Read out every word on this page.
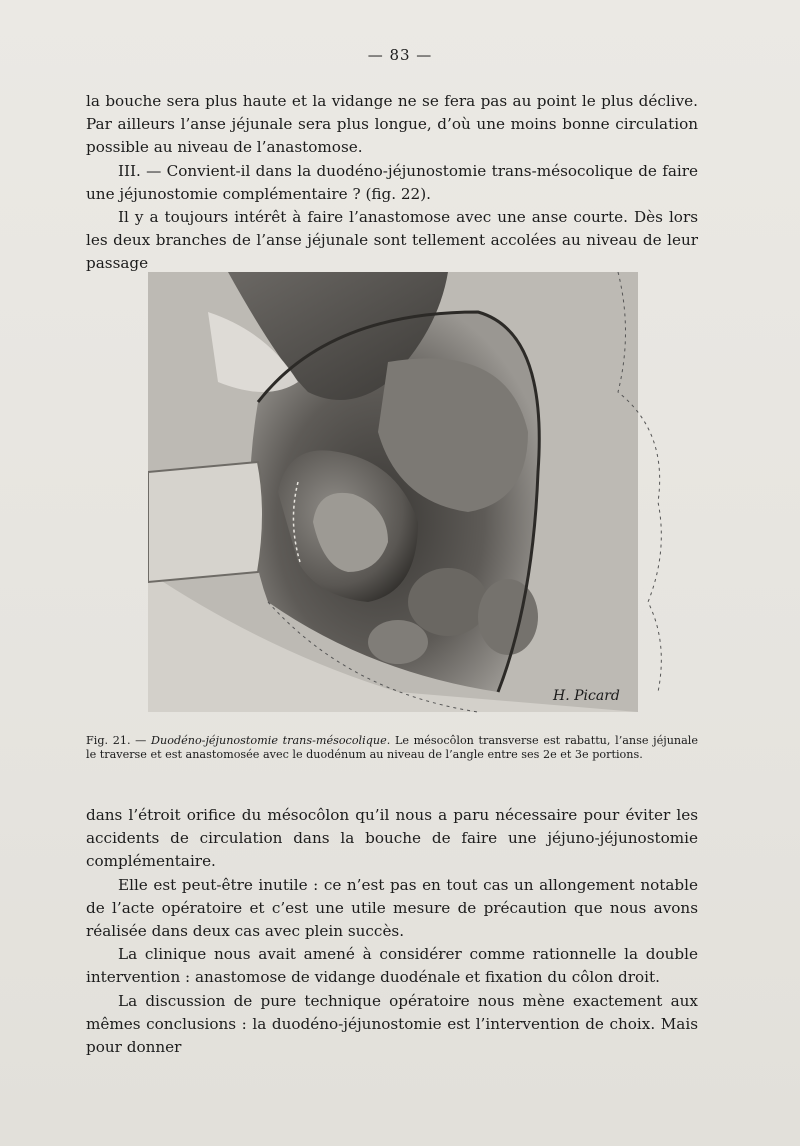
— 83 —

la bouche sera plus haute et la vidange ne se fera pas au point le plus déclive. Par ailleurs l’anse jéjunale sera plus longue, d’où une moins bonne circulation possible au niveau de l’anastomose.

III. — Convient-il dans la duodéno-jéjunostomie trans-mésocolique de faire une jéjunostomie complémentaire ? (fig. 22).

Il y a toujours intérêt à faire l’anastomose avec une anse courte. Dès lors les deux branches de l’anse jéjunale sont tellement accolées au niveau de leur passage

H. Picard
Fig. 21. — Duodéno-jéjunostomie trans-mésocolique. Le mésocôlon transverse est rabattu, l’anse jéjunale le traverse et est anastomosée avec le duodénum au niveau de l’angle entre ses 2e et 3e portions.

dans l’étroit orifice du mésocôlon qu’il nous a paru nécessaire pour éviter les accidents de circulation dans la bouche de faire une jéjuno-jéjunostomie complémentaire.

Elle est peut-être inutile : ce n’est pas en tout cas un allongement notable de l’acte opératoire et c’est une utile mesure de précaution que nous avons réalisée dans deux cas avec plein succès.

La clinique nous avait amené à considérer comme rationnelle la double intervention : anastomose de vidange duodénale et fixation du côlon droit.

La discussion de pure technique opératoire nous mène exactement aux mêmes conclusions : la duodéno-jéjunostomie est l’intervention de choix. Mais pour donner
